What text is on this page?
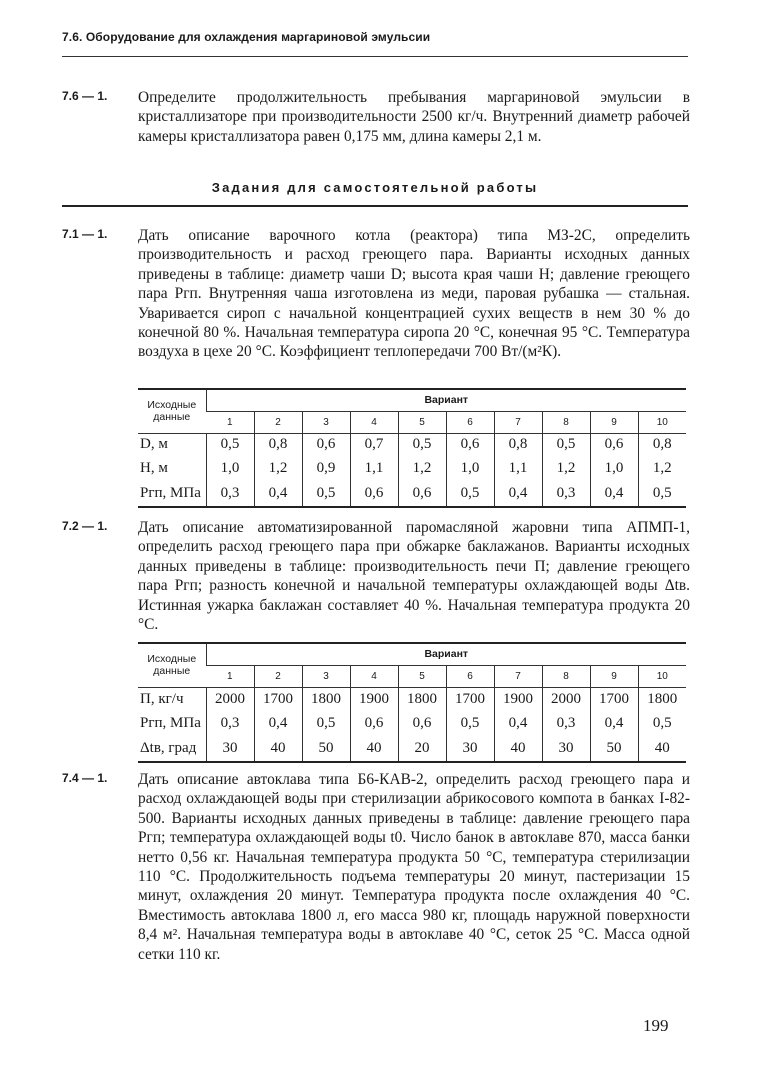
7.6. Оборудование для охлаждения маргариновой эмульсии
7.6 — 1. Определите продолжительность пребывания маргариновой эмульсии в кристаллизаторе при производительности 2500 кг/ч. Внутренний диаметр рабочей камеры кристаллизатора равен 0,175 мм, длина камеры 2,1 м.
Задания для самостоятельной работы
7.1 — 1. Дать описание варочного котла (реактора) типа МЗ-2С, определить производительность и расход греющего пара. Варианты исходных данных приведены в таблице: диаметр чаши D; высота края чаши H; давление греющего пара Pгп. Внутренняя чаша изготовлена из меди, паровая рубашка — стальная. Уваривается сироп с начальной концентрацией сухих веществ в нем 30 % до конечной 80 %. Начальная температура сиропа 20 °С, конечная 95 °С. Температура воздуха в цехе 20 °С. Коэффициент теплопередачи 700 Вт/(м²К).
Исходные данные	Вариант									
	1	2	3	4	5	6	7	8	9	10
D, м	0,5	0,8	0,6	0,7	0,5	0,6	0,8	0,5	0,6	0,8
H, м	1,0	1,2	0,9	1,1	1,2	1,0	1,1	1,2	1,0	1,2
Pгп, МПа	0,3	0,4	0,5	0,6	0,6	0,5	0,4	0,3	0,4	0,5
7.2 — 1. Дать описание автоматизированной паромасляной жаровни типа АПМП-1, определить расход греющего пара при обжарке баклажанов. Варианты исходных данных приведены в таблице: производительность печи П; давление греющего пара Pгп; разность конечной и начальной температуры охлаждающей воды Δtв. Истинная ужарка баклажан составляет 40 %. Начальная температура продукта 20 °С.
Исходные данные	Вариант									
	1	2	3	4	5	6	7	8	9	10
П, кг/ч	2000	1700	1800	1900	1800	1700	1900	2000	1700	1800
Pгп, МПа	0,3	0,4	0,5	0,6	0,6	0,5	0,4	0,3	0,4	0,5
Δtв, град	30	40	50	40	20	30	40	30	50	40
7.4 — 1. Дать описание автоклава типа Б6-КАВ-2, определить расход греющего пара и расход охлаждающей воды при стерилизации абрикосового компота в банках I-82-500. Варианты исходных данных приведены в таблице: давление греющего пара Pгп; температура охлаждающей воды t0. Число банок в автоклаве 870, масса банки нетто 0,56 кг. Начальная температура продукта 50 °С, температура стерилизации 110 °С. Продолжительность подъема температуры 20 минут, пастеризации 15 минут, охлаждения 20 минут. Температура продукта после охлаждения 40 °С. Вместимость автоклава 1800 л, его масса 980 кг, площадь наружной поверхности 8,4 м². Начальная температура воды в автоклаве 40 °С, сеток 25 °С. Масса одной сетки 110 кг.
199
